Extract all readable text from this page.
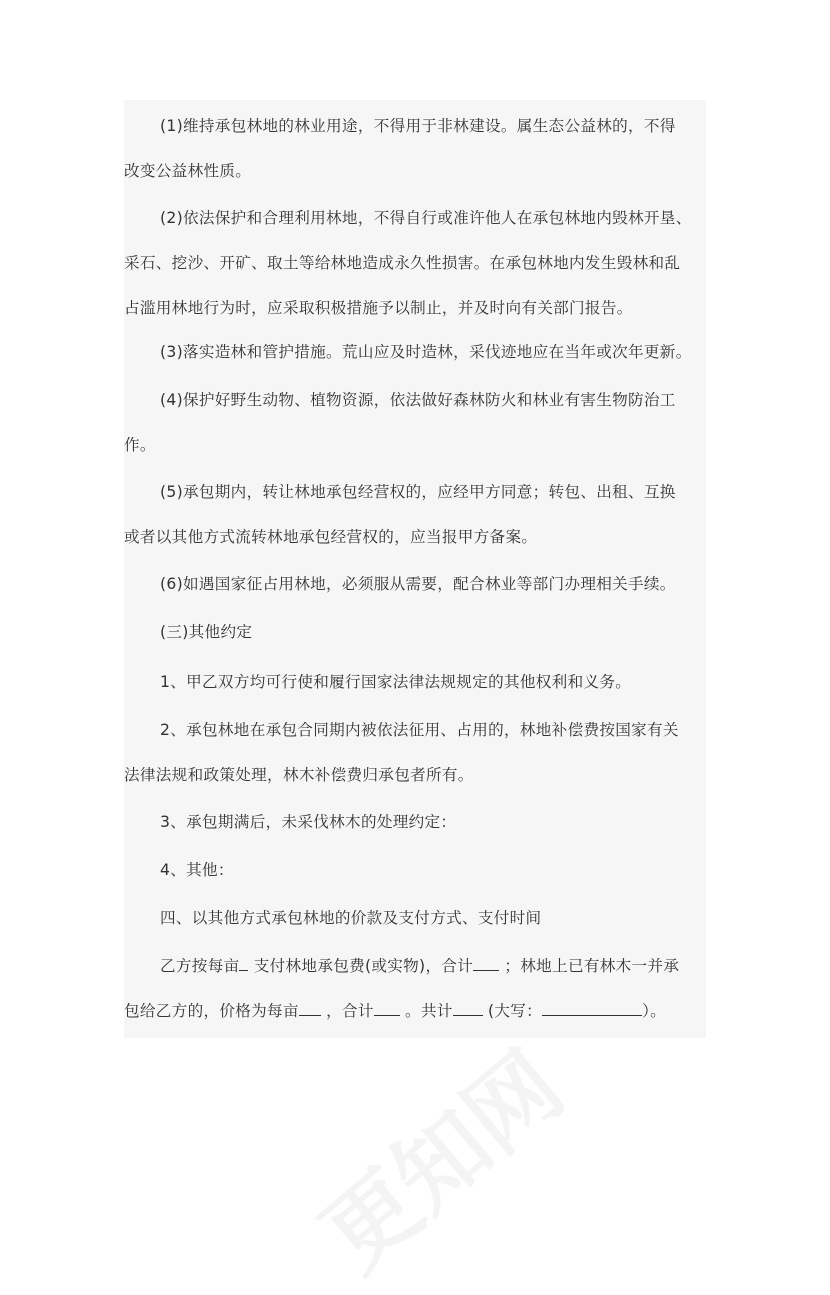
(1)维持承包林地的林业用途，不得用于非林建设。属生态公益林的，不得
改变公益林性质。
(2)依法保护和合理利用林地，不得自行或准许他人在承包林地内毁林开垦、
采石、挖沙、开矿、取土等给林地造成永久性损害。在承包林地内发生毁林和乱
占滥用林地行为时，应采取积极措施予以制止，并及时向有关部门报告。
(3)落实造林和管护措施。荒山应及时造林，采伐迹地应在当年或次年更新。
(4)保护好野生动物、植物资源，依法做好森林防火和林业有害生物防治工
作。
(5)承包期内，转让林地承包经营权的，应经甲方同意；转包、出租、互换
或者以其他方式流转林地承包经营权的，应当报甲方备案。
(6)如遇国家征占用林地，必须服从需要，配合林业等部门办理相关手续。
(三)其他约定
1、甲乙双方均可行使和履行国家法律法规规定的其他权利和义务。
2、承包林地在承包合同期内被依法征用、占用的，林地补偿费按国家有关
法律法规和政策处理，林木补偿费归承包者所有。
3、承包期满后，未采伐林木的处理约定：
4、其他：
四、以其他方式承包林地的价款及支付方式、支付时间
乙方按每亩 支付林地承包费(或实物)，合计 ；林地上已有林木一并承
包给乙方的，价格为每亩 ，合计 。共计 (大写：	）。
